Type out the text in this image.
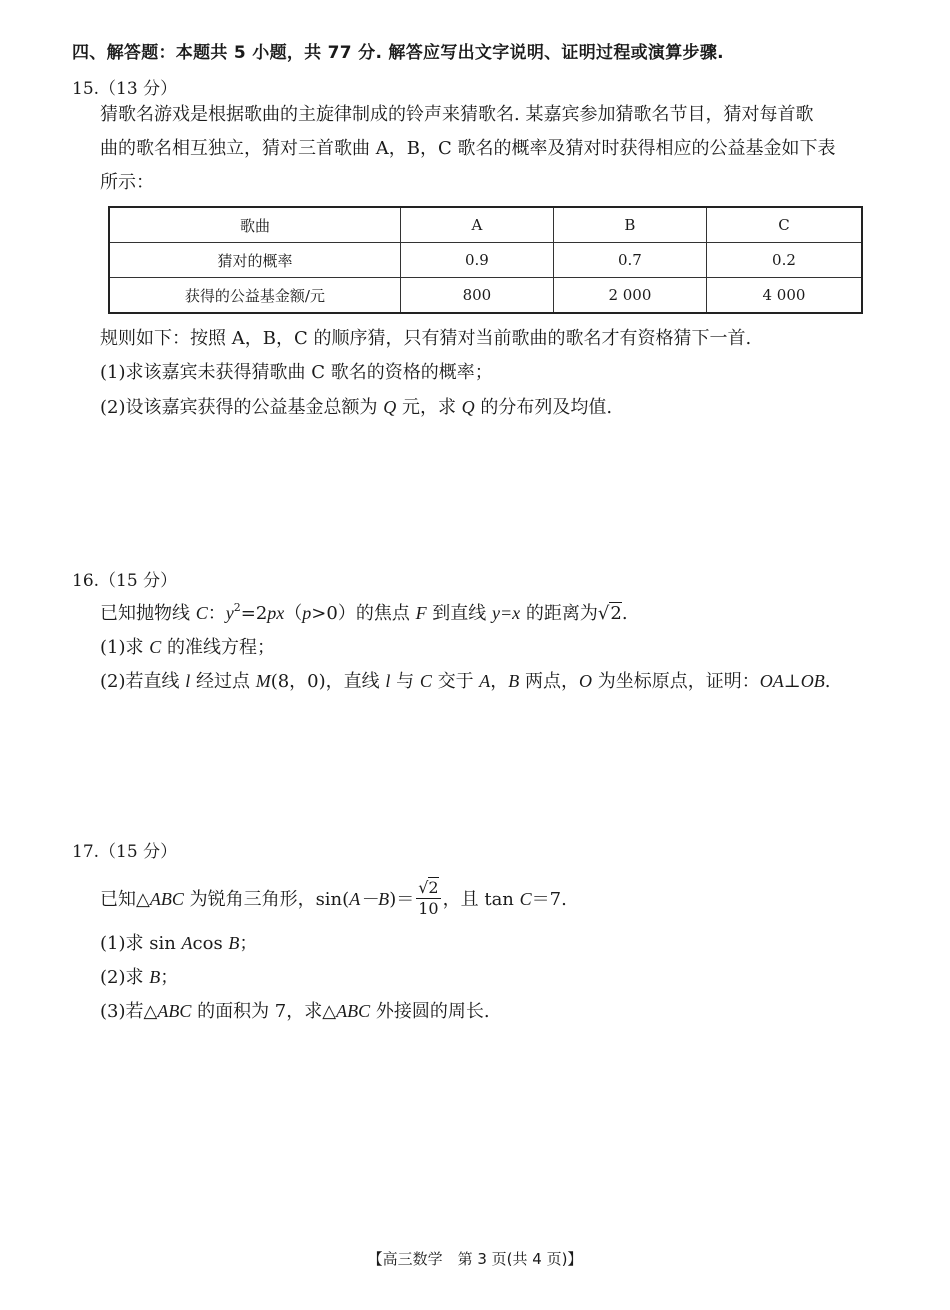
四、解答题：本题共 5 小题，共 77 分. 解答应写出文字说明、证明过程或演算步骤.
15.（13 分）
猜歌名游戏是根据歌曲的主旋律制成的铃声来猜歌名. 某嘉宾参加猜歌名节目，猜对每首歌
曲的歌名相互独立，猜对三首歌曲 A，B，C 歌名的概率及猜对时获得相应的公益基金如下表
所示：
歌曲	A	B	C
猜对的概率	0.9	0.7	0.2
获得的公益基金额/元	800	2 000	4 000
规则如下：按照 A，B，C 的顺序猜，只有猜对当前歌曲的歌名才有资格猜下一首.
(1)求该嘉宾未获得猜歌曲 C 歌名的资格的概率；
(2)设该嘉宾获得的公益基金总额为 Q 元，求 Q 的分布列及均值.
16.（15 分）
已知抛物线 C：$y^2=2px(p>0)$的焦点 F 到直线 y=x 的距离为√2.
(1)求 C 的准线方程；
(2)若直线 l 经过点 M(8，0)，直线 l 与 C 交于 A，B 两点，O 为坐标原点，证明：OA⊥OB.
17.（15 分）
已知△ABC 为锐角三角形，$\sin(A-B)= \frac{√2}{10}$ ，且 tan C＝7.
(1)求 sin Acos B；
(2)求 B；
(3)若△ABC 的面积为 7，求△ABC 外接圆的周长.
【高三数学　第 3 页(共 4 页)】
